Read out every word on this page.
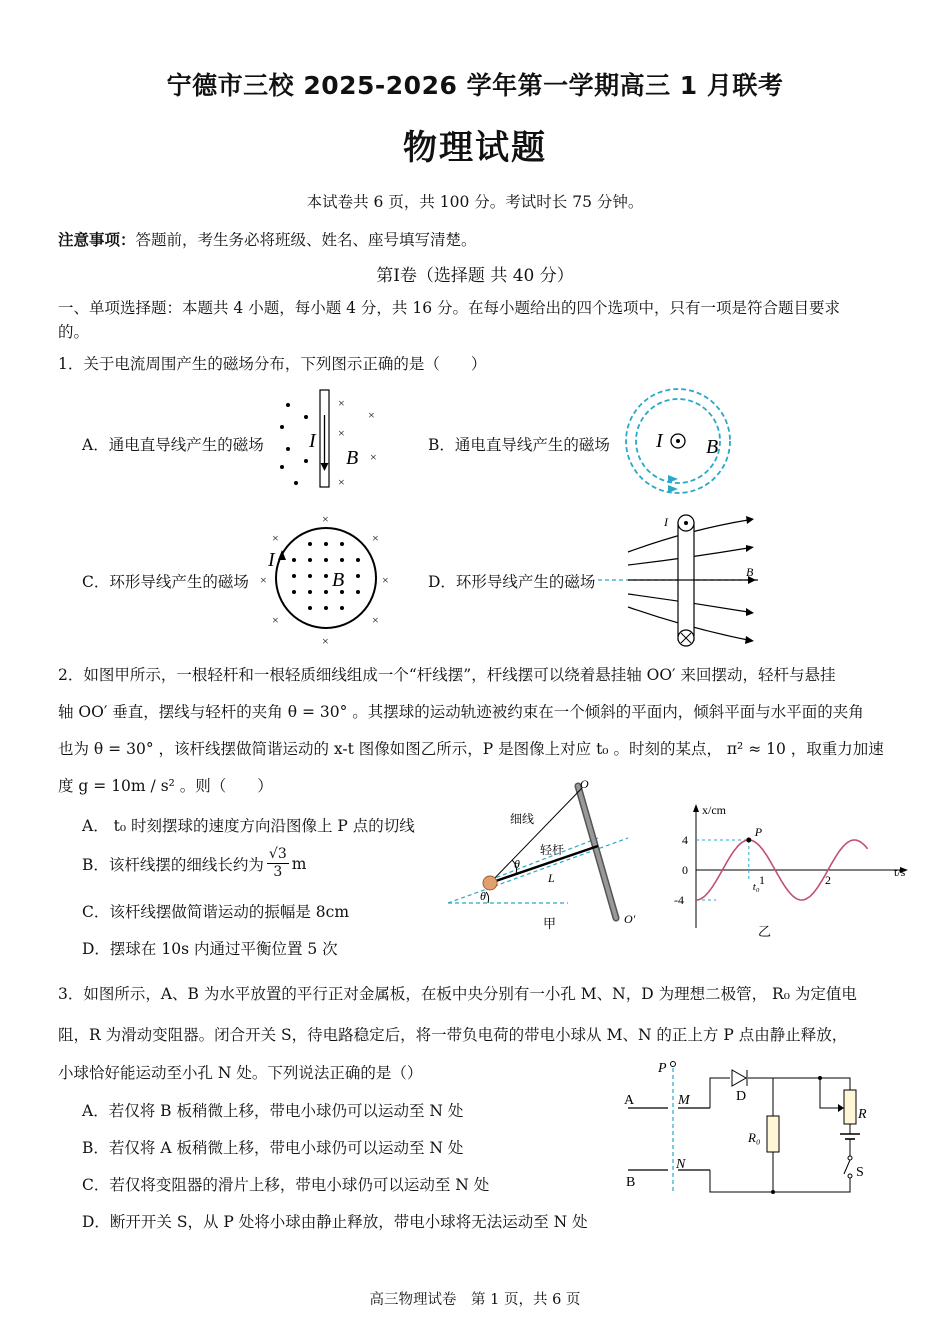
宁德市三校 2025-2026 学年第一学期高三 1 月联考
物理试题
本试卷共 6 页，共 100 分。考试时长 75 分钟。
注意事项：答题前，考生务必将班级、姓名、座号填写清楚。
第Ⅰ卷（选择题 共 40 分）
一、单项选择题：本题共 4 小题，每小题 4 分，共 16 分。在每小题给出的四个选项中，只有一项是符合题目要求
的。
1．关于电流周围产生的磁场分布，下列图示正确的是（　　）
A．通电直导线产生的磁场	B．通电直导线产生的磁场
C．环形导线产生的磁场	D．环形导线产生的磁场
×
×
×
×
×
I
B
I B
×
×	×
×	×
×	×
×
I
B
I
B
2．如图甲所示，一根轻杆和一根轻质细线组成一个“杆线摆”，杆线摆可以绕着悬挂轴 OO′ 来回摆动，轻杆与悬挂
轴 OO′ 垂直，摆线与轻杆的夹角 θ = 30° 。其摆球的运动轨迹被约束在一个倾斜的平面内，倾斜平面与水平面的夹角
也为 θ = 30° ，该杆线摆做简谐运动的 x-t 图像如图乙所示，P 是图像上对应 t₀ 。时刻的某点， π² ≈ 10 ，取重力加速
度 g = 10m / s² 。则（　　）
A． t₀ 时刻摆球的速度方向沿图像上 P 点的切线
B．该杆线摆的细线长约为 $\frac{√3}{3}$ m
C．该杆线摆做简谐运动的振幅是 8cm
D．摆球在 10s 内通过平衡位置 5 次
O
O′
细线
轻杆
θ
θ
L
甲
P
x/cm
t/s
4
0
-4
1	2
t₀
乙
3．如图所示，A、B 为水平放置的平行正对金属板，在板中央分别有一小孔 M、N，D 为理想二极管， R₀ 为定值电
阻，R 为滑动变阻器。闭合开关 S，待电路稳定后，将一带负电荷的带电小球从 M、N 的正上方 P 点由静止释放，
小球恰好能运动至小孔 N 处。下列说法正确的是（）
A．若仅将 B 板稍微上移，带电小球仍可以运动至 N 处
B．若仅将 A 板稍微上移，带电小球仍可以运动至 N 处
C．若仅将变阻器的滑片上移，带电小球仍可以运动至 N 处
D．断开开关 S，从 P 处将小球由静止释放，带电小球将无法运动至 N 处
P
A	M	D
R
R₀
N
B
S
高三物理试卷　第 1 页，共 6 页
